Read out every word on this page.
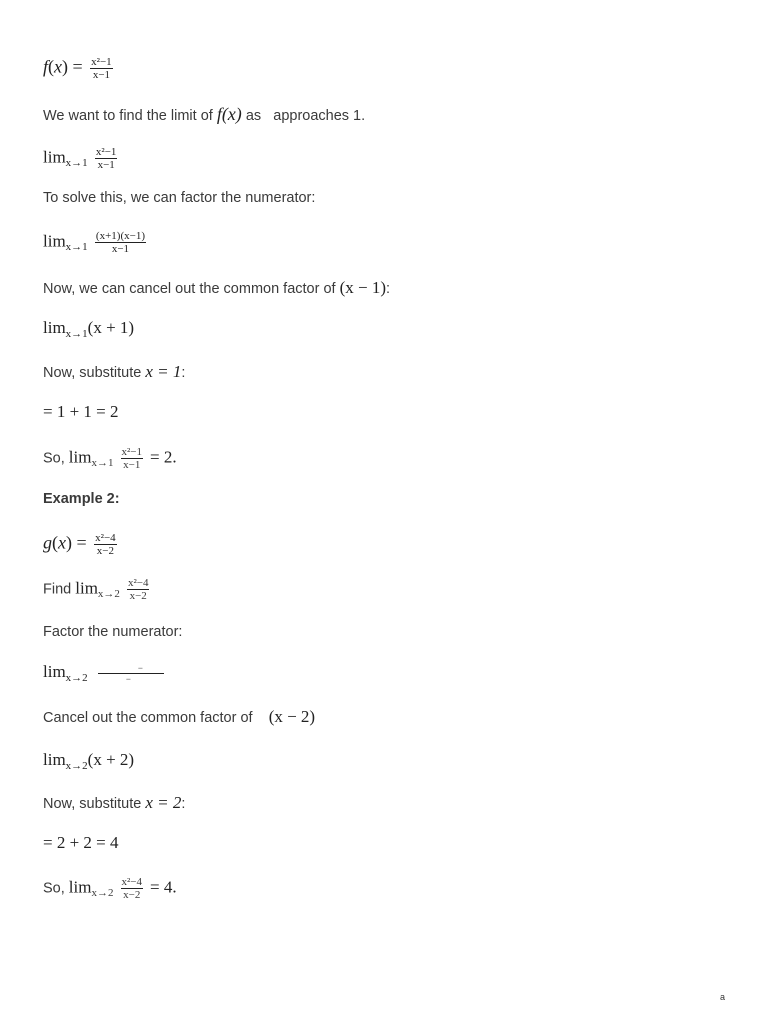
$f(x) = \frac{\text{x²−1}}{x-1}$
We want to find the limit of f(x) as approaches 1.
$\lim_{x\to 1} \frac{\text{x²−1}}{x-1}$
To solve this, we can factor the numerator:
$\lim_{x\to 1} \frac{(x+1)(x-1)}{x-1}$
Now, we can cancel out the common factor of (x − 1):
$\lim_{x\to 1}(x + 1)$
Now, substitute x = 1:
= 1 + 1 = 2
So, $\lim_{x\to 1} \frac{\text{x²−1}}{x-1} = 2$.
Example 2:
$g(x) = \frac{\text{x²−4}}{x-2}$
Find $\lim_{x\to 2} \frac{\text{x²−4}}{x-2}$
Factor the numerator:
$\lim_{x\to 2} \frac{-}{-}$
Cancel out the common factor of (x − 2)
$\lim_{x\to 2}(x + 2)$
Now, substitute x = 2:
= 2 + 2 = 4
So, $\lim_{x\to 2} \frac{\text{x²−4}}{x-2} = 4$.
a
